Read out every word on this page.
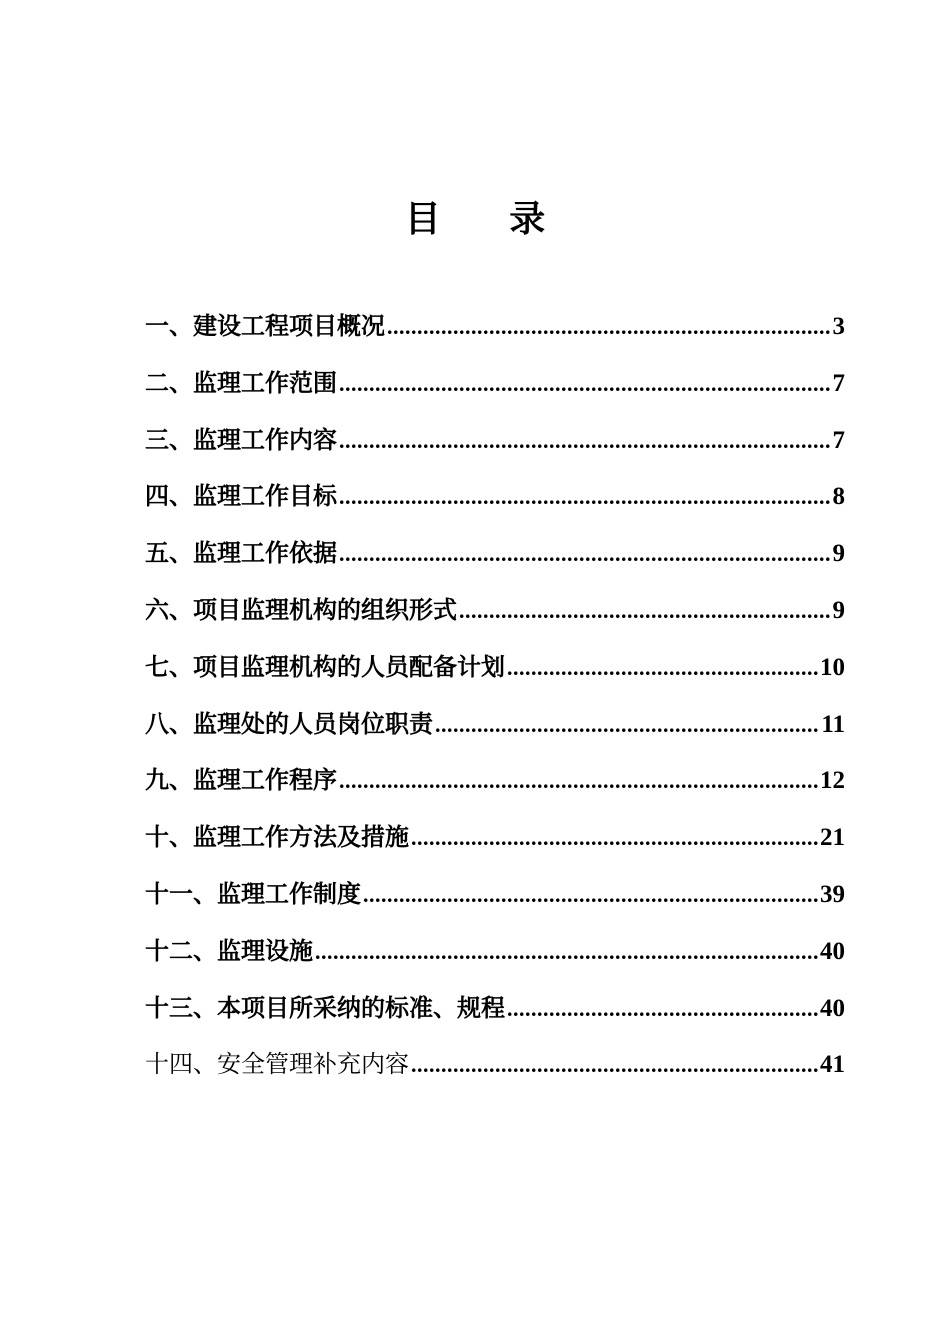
目 录
一、建设工程项目概况 .....	3
二、监理工作范围 .....	7
三、监理工作内容 .....	7
四、监理工作目标 .....	8
五、监理工作依据 .....	9
六、项目监理机构的组织形式 .....	9
七、项目监理机构的人员配备计划 .....	10
八、监理处的人员岗位职责 .....	11
九、监理工作程序 .....	12
十、监理工作方法及措施 .....	21
十一、监理工作制度 .....	39
十二、监理设施 .....	40
十三、本项目所采纳的标准、规程 .....	40
十四、安全管理补充内容 .....	41
